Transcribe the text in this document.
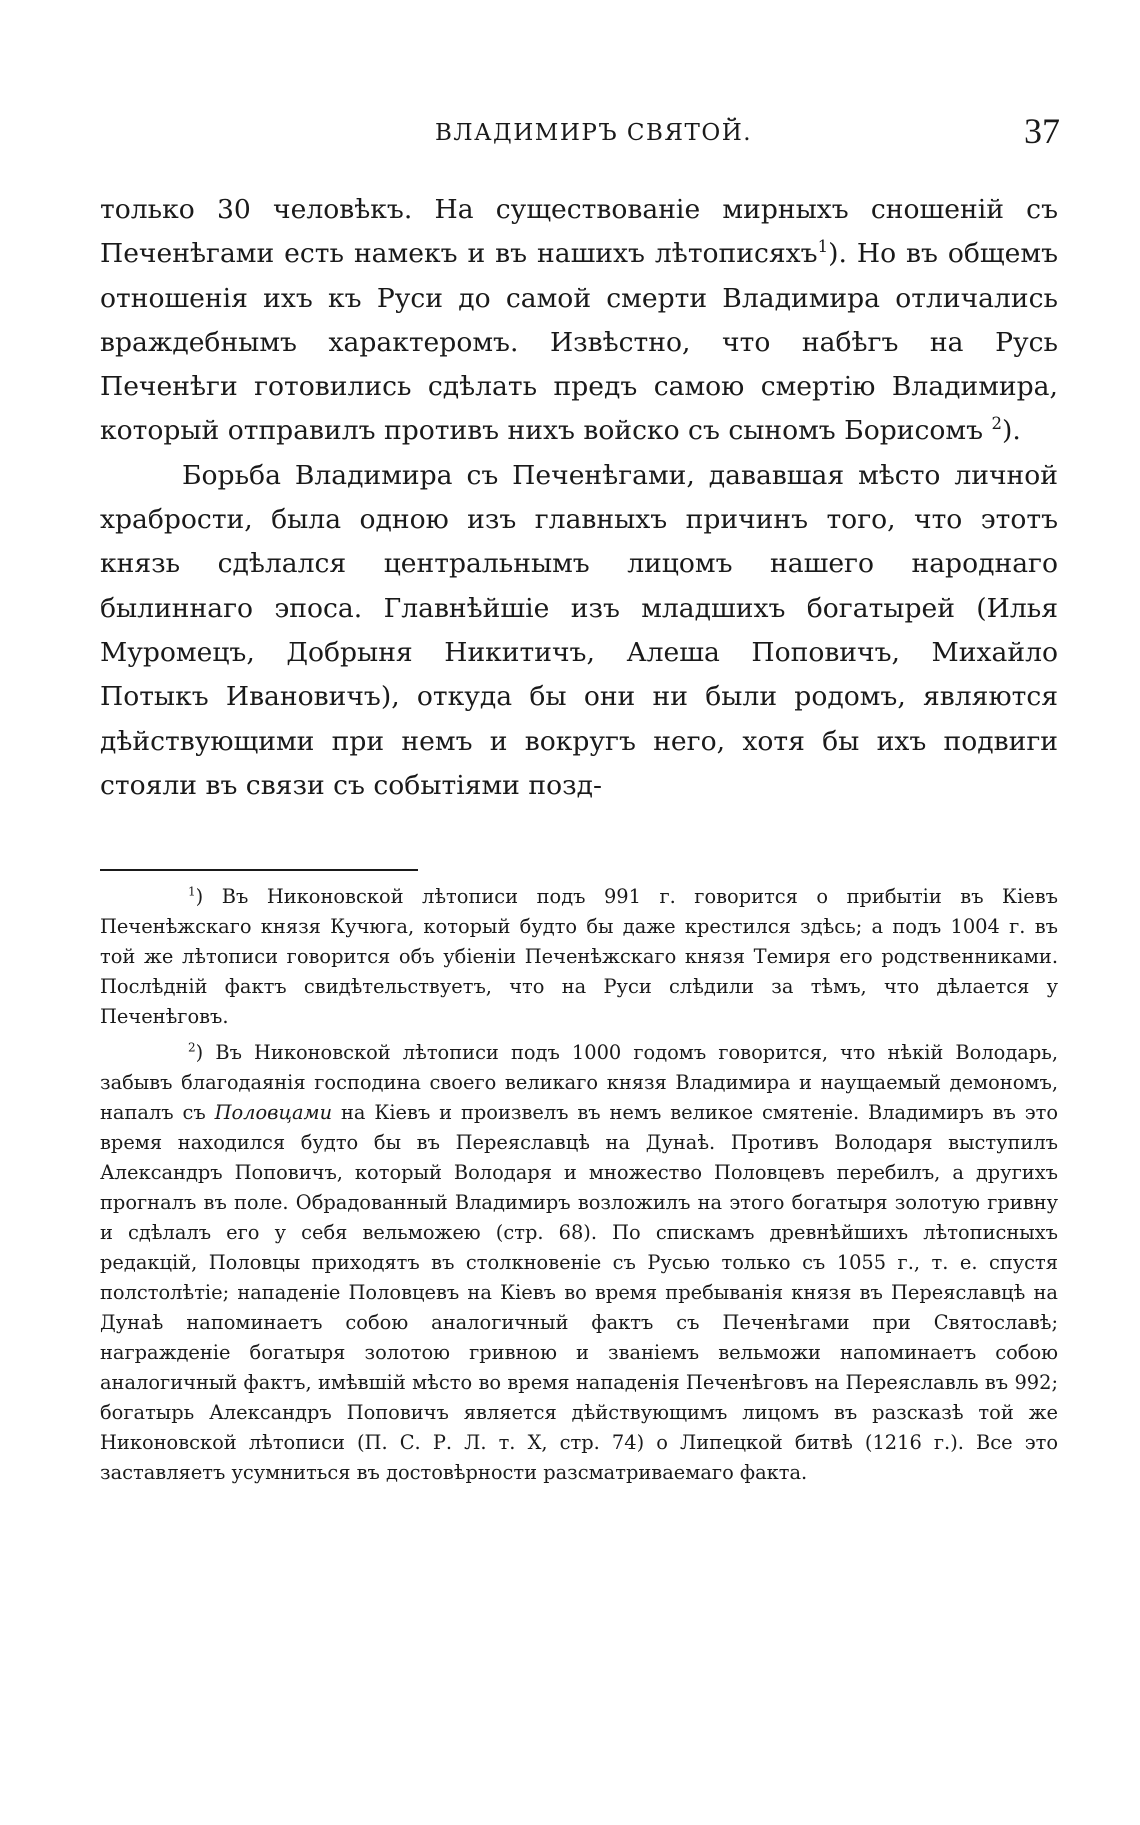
ВЛАДИМИРЪ СВЯТОЙ.	37

только 30 человѣкъ. На существованіе мирныхъ сношеній съ Печенѣгами есть намекъ и въ нашихъ лѣтописяхъ$^1$). Но въ общемъ отношенія ихъ къ Руси до самой смерти Владимира отличались враждебнымъ характеромъ. Извѣстно, что набѣгъ на Русь Печенѣги готовились сдѣлать предъ самою смертію Владимира, который отправилъ противъ нихъ войско съ сыномъ Борисомъ $^2$).

Борьба Владимира съ Печенѣгами, дававшая мѣсто личной храбрости, была одною изъ главныхъ причинъ того, что этотъ князь сдѣлался центральнымъ лицомъ нашего народнаго былиннаго эпоса. Главнѣйшіе изъ младшихъ богатырей (Илья Муромецъ, Добрыня Никитичъ, Алеша Поповичъ, Михайло Потыкъ Ивановичъ), откуда бы они ни были родомъ, являются дѣйствующими при немъ и вокругъ него, хотя бы ихъ подвиги стояли въ связи съ событіями позд-

$^1$) Въ Никоновской лѣтописи подъ 991 г. говорится о прибытіи въ Кіевъ Печенѣжскаго князя Кучюга, который будто бы даже крестился здѣсь; а подъ 1004 г. въ той же лѣтописи говорится объ убіеніи Печенѣжскаго князя Темиря его родственниками. Послѣдній фактъ свидѣтельствуетъ, что на Руси слѣдили за тѣмъ, что дѣлается у Печенѣговъ.

$^2$) Въ Никоновской лѣтописи подъ 1000 годомъ говорится, что нѣкій Володарь, забывъ благодаянія господина своего великаго князя Владимира и наущаемый демономъ, напалъ съ Половцами на Кіевъ и произвелъ въ немъ великое смятеніе. Владимиръ въ это время находился будто бы въ Переяславцѣ на Дунаѣ. Противъ Володаря выступилъ Александръ Поповичъ, который Володаря и множество Половцевъ перебилъ, а другихъ прогналъ въ поле. Обрадованный Владимиръ возложилъ на этого богатыря золотую гривну и сдѣлалъ его у себя вельможею (стр. 68). По спискамъ древнѣйшихъ лѣтописныхъ редакцій, Половцы приходятъ въ столкновеніе съ Русью только съ 1055 г., т. е. спустя полстолѣтіе; нападеніе Половцевъ на Кіевъ во время пребыванія князя въ Переяславцѣ на Дунаѣ напоминаетъ собою аналогичный фактъ съ Печенѣгами при Святославѣ; награжденіе богатыря золотою гривною и званіемъ вельможи напоминаетъ собою аналогичный фактъ, имѣвшій мѣсто во время нападенія Печенѣговъ на Переяславль въ 992; богатырь Александръ Поповичъ является дѣйствующимъ лицомъ въ разсказѣ той же Никоновской лѣтописи (П. С. Р. Л. т. X, стр. 74) о Липецкой битвѣ (1216 г.). Все это заставляетъ усумниться въ достовѣрности разсматриваемаго факта.
